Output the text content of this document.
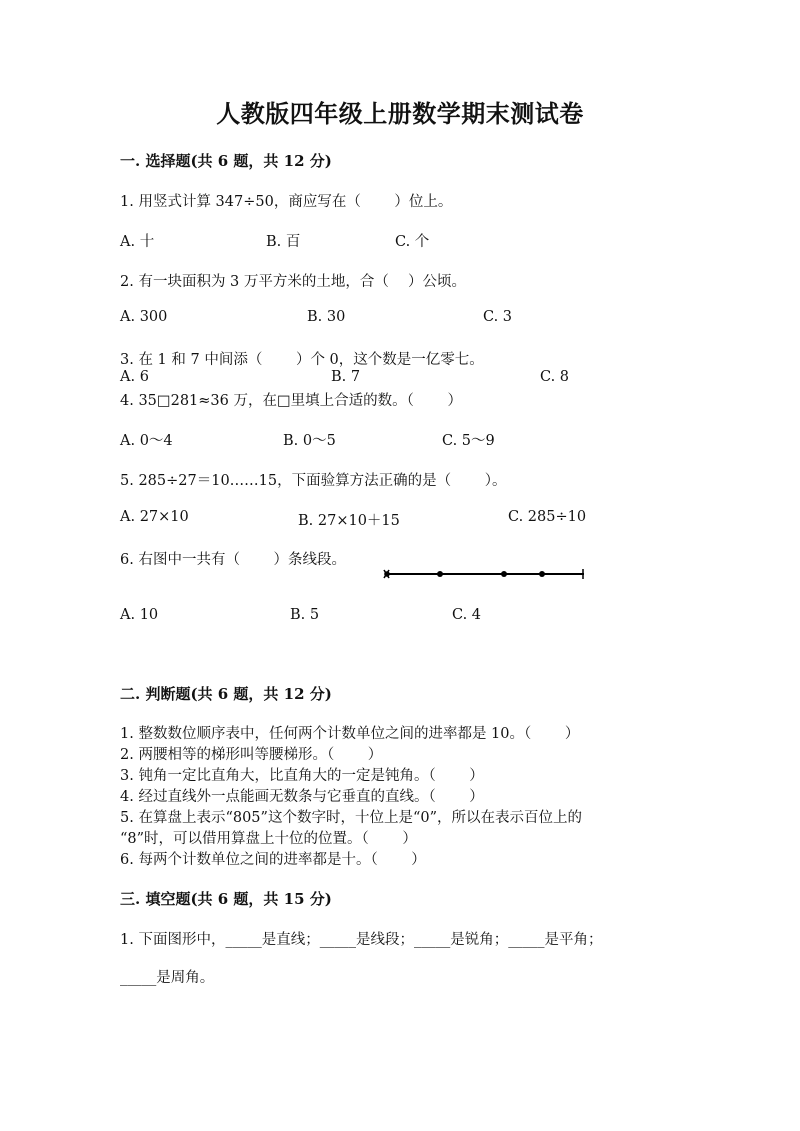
人教版四年级上册数学期末测试卷
一. 选择题(共 6 题，共 12 分)
1. 用竖式计算 347÷50，商应写在（　　 ）位上。
A. 十	B. 百	C. 个
2. 有一块面积为 3 万平方米的土地，合（　 ）公顷。
A. 300	B. 30	C. 3
3. 在 1 和 7 中间添（　　 ）个 0，这个数是一亿零七。
A. 6	B. 7	C. 8
4. 35□281≈36 万，在□里填上合适的数。（　　 ）
A. 0～4	B. 0～5	C. 5～9
5. 285÷27＝10……15，下面验算方法正确的是（　　 ）。
A. 27×10	B. 27×10＋15	C. 285÷10
6. 右图中一共有（　　 ）条线段。
A. 10	B. 5	C. 4
二. 判断题(共 6 题，共 12 分)
1. 整数数位顺序表中，任何两个计数单位之间的进率都是 10。（　　 ）
2. 两腰相等的梯形叫等腰梯形。（　　 ）
3. 钝角一定比直角大，比直角大的一定是钝角。（　　 ）
4. 经过直线外一点能画无数条与它垂直的直线。（　　 ）
5. 在算盘上表示“805”这个数字时，十位上是“0”，所以在表示百位上的
“8”时，可以借用算盘上十位的位置。（　　 ）
6. 每两个计数单位之间的进率都是十。（　　 ）
三. 填空题(共 6 题，共 15 分)
1. 下面图形中，_____是直线；_____是线段；_____是锐角；_____是平角；
_____是周角。
